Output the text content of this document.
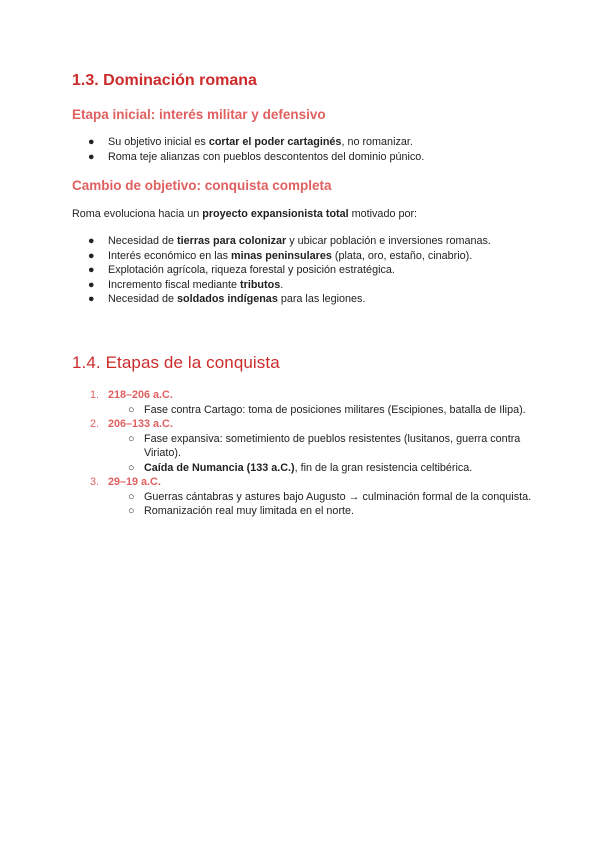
1.3. Dominación romana
Etapa inicial: interés militar y defensivo
● Su objetivo inicial es cortar el poder cartaginés, no romanizar.
● Roma teje alianzas con pueblos descontentos del dominio púnico.
Cambio de objetivo: conquista completa

Roma evoluciona hacia un proyecto expansionista total motivado por:

● Necesidad de tierras para colonizar y ubicar población e inversiones romanas.
● Interés económico en las minas peninsulares (plata, oro, estaño, cinabrio).
● Explotación agrícola, riqueza forestal y posición estratégica.
● Incremento fiscal mediante tributos.
● Necesidad de soldados indígenas para las legiones.
1.4. Etapas de la conquista
1. 218–206 a.C.
○ Fase contra Cartago: toma de posiciones militares (Escipiones, batalla de Ilipa).
2. 206–133 a.C.
○ Fase expansiva: sometimiento de pueblos resistentes (lusitanos, guerra contra Viriato).
○ Caída de Numancia (133 a.C.), fin de la gran resistencia celtibérica.
3. 29–19 a.C.
○ Guerras cántabras y astures bajo Augusto → culminación formal de la conquista.
○ Romanización real muy limitada en el norte.
